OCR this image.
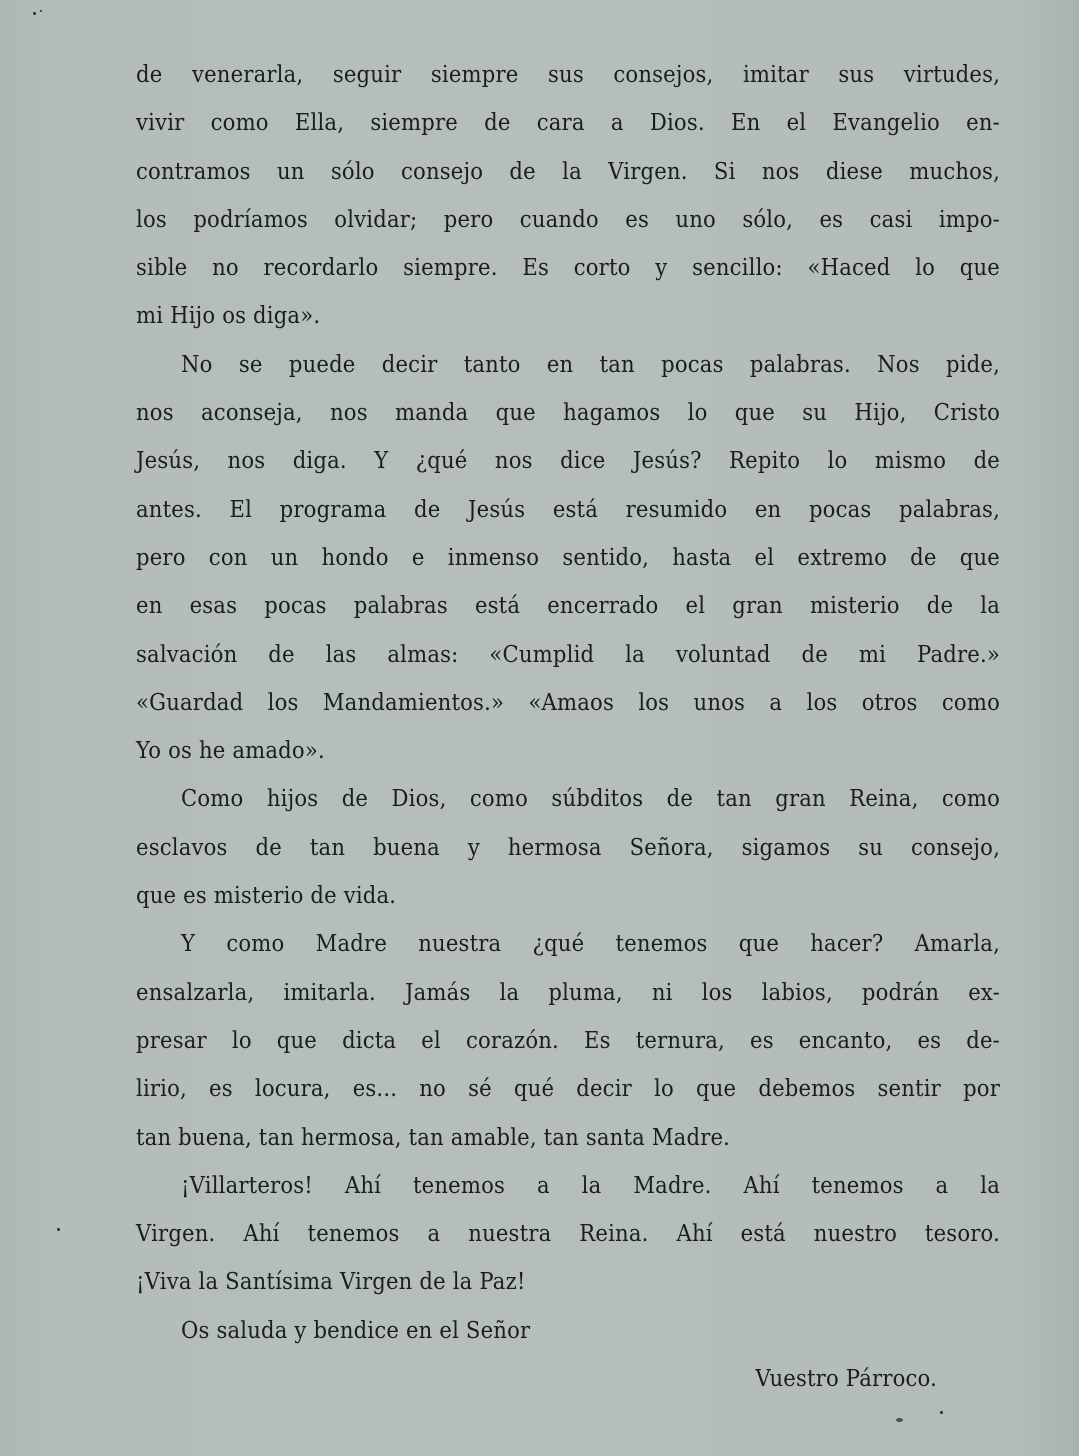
de venerarla, seguir siempre sus consejos, imitar sus virtudes,
vivir como Ella, siempre de cara a Dios. En el Evangelio en-
contramos un sólo consejo de la Virgen. Si nos diese muchos,
los podríamos olvidar; pero cuando es uno sólo, es casi impo-
sible no recordarlo siempre. Es corto y sencillo: «Haced lo que
mi Hijo os diga».
No se puede decir tanto en tan pocas palabras. Nos pide,
nos aconseja, nos manda que hagamos lo que su Hijo, Cristo
Jesús, nos diga. Y ¿qué nos dice Jesús? Repito lo mismo de
antes. El programa de Jesús está resumido en pocas palabras,
pero con un hondo e inmenso sentido, hasta el extremo de que
en esas pocas palabras está encerrado el gran misterio de la
salvación de las almas: «Cumplid la voluntad de mi Padre.»
«Guardad los Mandamientos.» «Amaos los unos a los otros como
Yo os he amado».
Como hijos de Dios, como súbditos de tan gran Reina, como
esclavos de tan buena y hermosa Señora, sigamos su consejo,
que es misterio de vida.
Y como Madre nuestra ¿qué tenemos que hacer? Amarla,
ensalzarla, imitarla. Jamás la pluma, ni los labios, podrán ex-
presar lo que dicta el corazón. Es ternura, es encanto, es de-
lirio, es locura, es... no sé qué decir lo que debemos sentir por
tan buena, tan hermosa, tan amable, tan santa Madre.
¡Villarteros! Ahí tenemos a la Madre. Ahí tenemos a la
Virgen. Ahí tenemos a nuestra Reina. Ahí está nuestro tesoro.
¡Viva la Santísima Virgen de la Paz!
Os saluda y bendice en el Señor
Vuestro Párroco.
